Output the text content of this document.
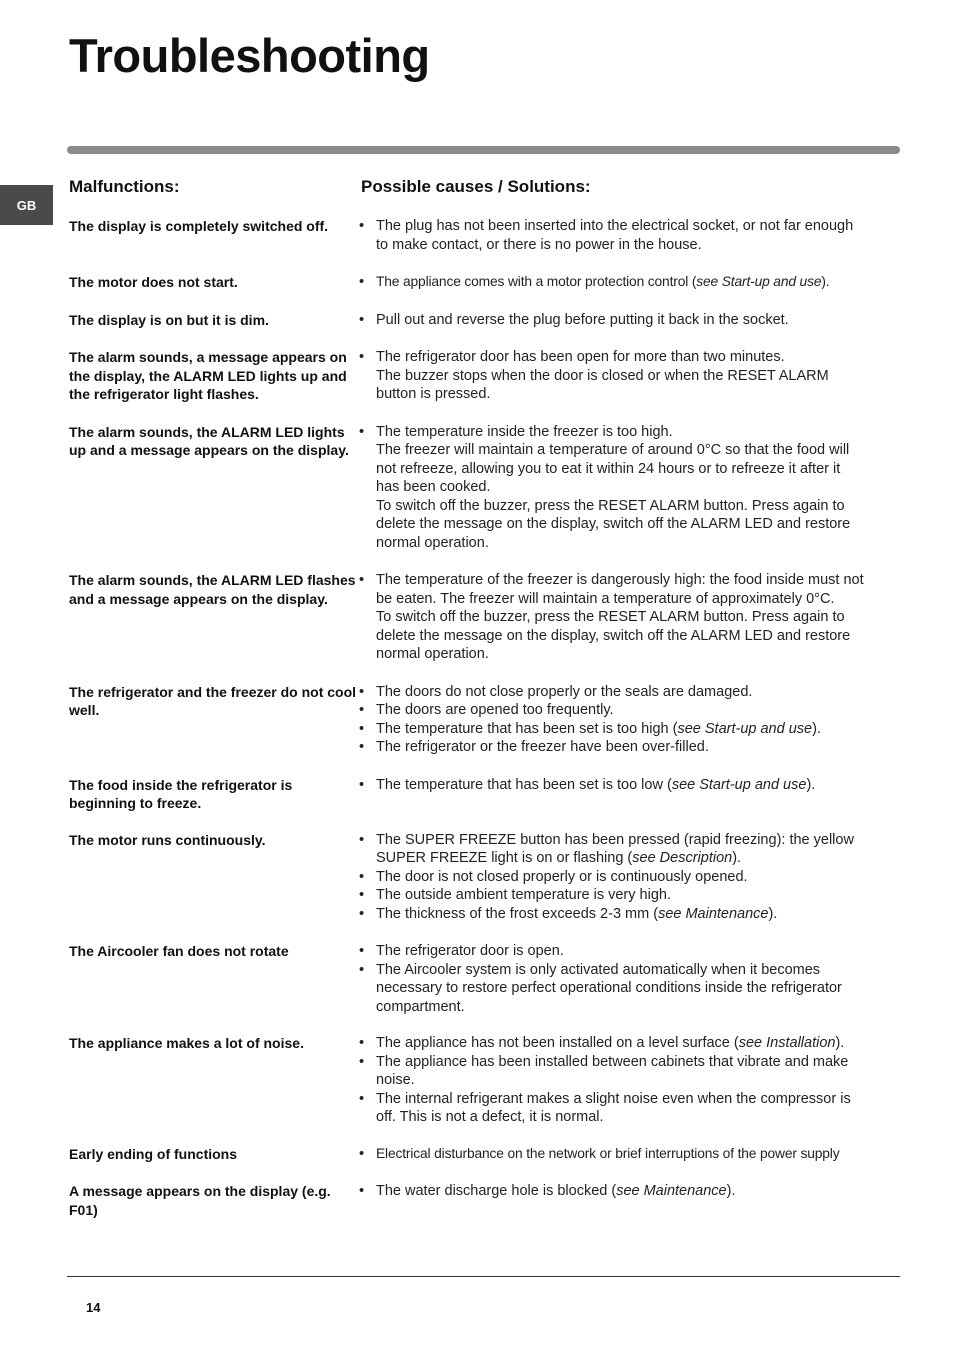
Troubleshooting
GB
Malfunctions:	Possible causes / Solutions:
The display is completely switched off.	• The plug has not been inserted into the electrical socket, or not far enough
to make contact, or there is no power in the house.
The motor does not start.	• The appliance comes with a motor protection control (see Start-up and use).
The display is on but it is dim.	• Pull out and reverse the plug before putting it back in the socket.
The alarm sounds, a message appears on the display, the ALARM LED lights up and the refrigerator light flashes.
• The refrigerator door has been open for more than two minutes.
The buzzer stops when the door is closed or when the RESET ALARM
button is pressed.
The alarm sounds, the ALARM LED lights up and a message appears on the display.
• The temperature inside the freezer is too high.
The freezer will maintain a temperature of around 0°C so that the food will
not refreeze, allowing you to eat it within 24 hours or to refreeze it after it
has been cooked.
To switch off the buzzer, press the RESET ALARM button. Press again to
delete the message on the display, switch off the ALARM LED and restore
normal operation.
The alarm sounds, the ALARM LED flashes and a message appears on the display.
• The temperature of the freezer is dangerously high: the food inside must not
be eaten. The freezer will maintain a temperature of approximately 0°C.
To switch off the buzzer, press the RESET ALARM button. Press again to
delete the message on the display, switch off the ALARM LED and restore
normal operation.
The refrigerator and the freezer do not cool well.
• The doors do not close properly or the seals are damaged.
• The doors are opened too frequently.
• The temperature that has been set is too high (see Start-up and use).
• The refrigerator or the freezer have been over-filled.
The food inside the refrigerator is beginning to freeze.
• The temperature that has been set is too low (see Start-up and use).
The motor runs continuously.	• The SUPER FREEZE button has been pressed (rapid freezing): the yellow
SUPER FREEZE light is on or flashing (see Description).
• The door is not closed properly or is continuously opened.
• The outside ambient temperature is very high.
• The thickness of the frost exceeds 2-3 mm (see Maintenance).
The Aircooler fan does not rotate	• The refrigerator door is open.
• The Aircooler system is only activated automatically when it becomes
necessary to restore perfect operational conditions inside the refrigerator
compartment.
The appliance makes a lot of noise.	• The appliance has not been installed on a level surface (see Installation).
• The appliance has been installed between cabinets that vibrate and make
noise.
• The internal refrigerant makes a slight noise even when the compressor is
off. This is not a defect, it is normal.
Early ending of functions	• Electrical disturbance on the network or brief interruptions of the power supply
A message appears on the display (e.g. F01)
• The water discharge hole is blocked (see Maintenance).
14
